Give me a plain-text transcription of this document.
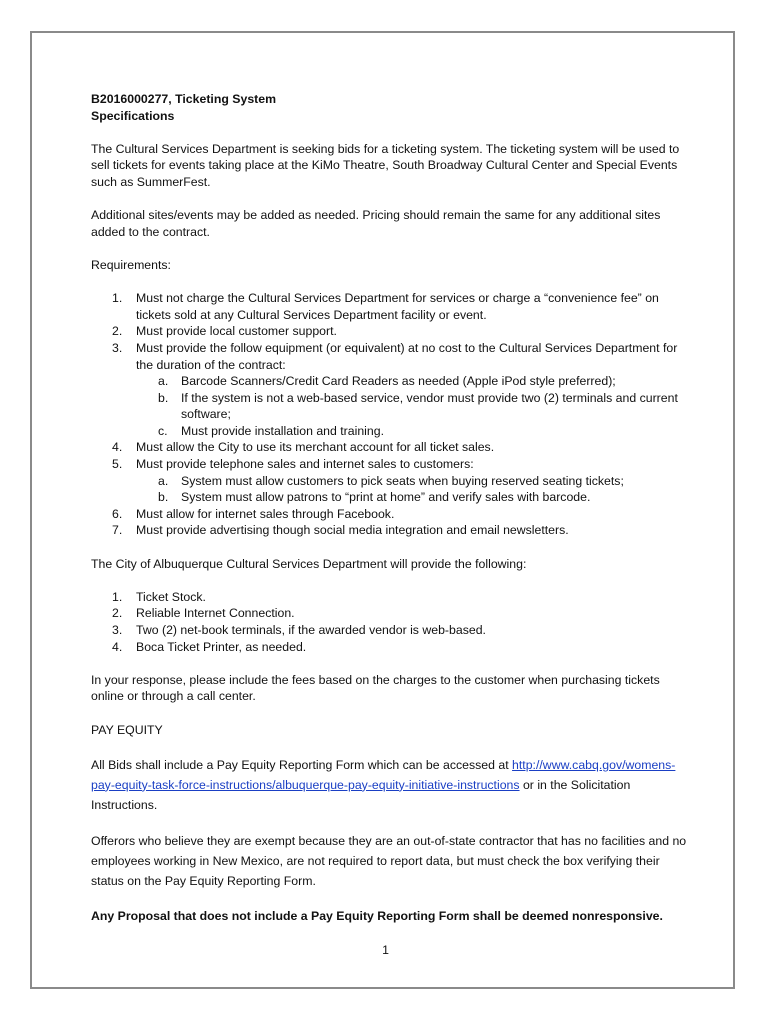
B2016000277, Ticketing System
Specifications

The Cultural Services Department is seeking bids for a ticketing system. The ticketing system will be used to sell tickets for events taking place at the KiMo Theatre, South Broadway Cultural Center and Special Events such as SummerFest.

Additional sites/events may be added as needed. Pricing should remain the same for any additional sites added to the contract.

Requirements:

1. Must not charge the Cultural Services Department for services or charge a “convenience fee” on tickets sold at any Cultural Services Department facility or event.
2. Must provide local customer support.
3. Must provide the follow equipment (or equivalent) at no cost to the Cultural Services Department for the duration of the contract:
a. Barcode Scanners/Credit Card Readers as needed (Apple iPod style preferred);
b. If the system is not a web-based service, vendor must provide two (2) terminals and current software;
c. Must provide installation and training.
4. Must allow the City to use its merchant account for all ticket sales.
5. Must provide telephone sales and internet sales to customers:
a. System must allow customers to pick seats when buying reserved seating tickets;
b. System must allow patrons to “print at home” and verify sales with barcode.
6. Must allow for internet sales through Facebook.
7. Must provide advertising though social media integration and email newsletters.

The City of Albuquerque Cultural Services Department will provide the following:

1. Ticket Stock.
2. Reliable Internet Connection.
3. Two (2) net-book terminals, if the awarded vendor is web-based.
4. Boca Ticket Printer, as needed.

In your response, please include the fees based on the charges to the customer when purchasing tickets online or through a call center.

PAY EQUITY

All Bids shall include a Pay Equity Reporting Form which can be accessed at http://www.cabq.gov/womens-pay-equity-task-force-instructions/albuquerque-pay-equity-initiative-instructions or in the Solicitation Instructions.

Offerors who believe they are exempt because they are an out-of-state contractor that has no facilities and no employees working in New Mexico, are not required to report data, but must check the box verifying their status on the Pay Equity Reporting Form.

Any Proposal that does not include a Pay Equity Reporting Form shall be deemed nonresponsive.

1
